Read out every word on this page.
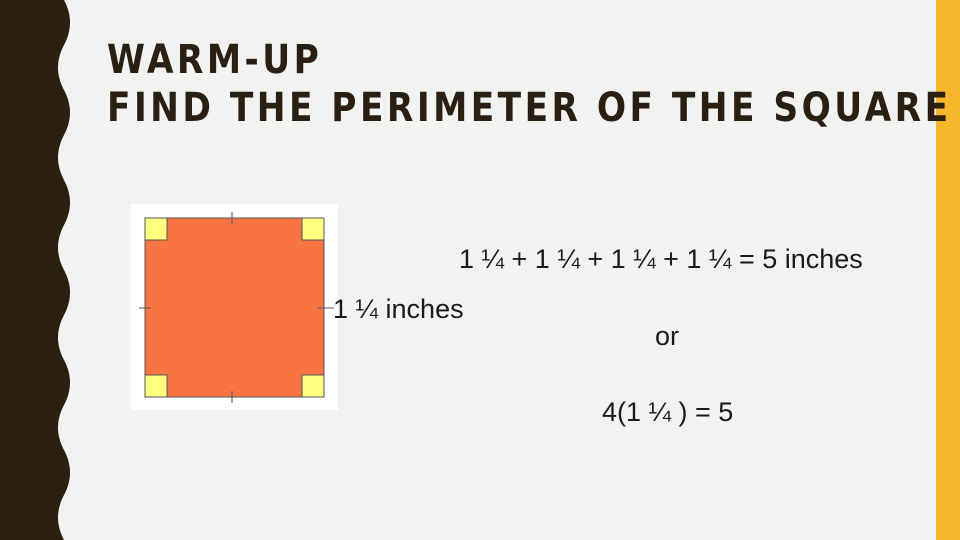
WARM-UP
FIND THE PERIMETER OF THE SQUARE
1 ¼ inches
1 ¼ + 1 ¼ + 1 ¼ + 1 ¼ = 5 inches
or
4(1 ¼ ) = 5
